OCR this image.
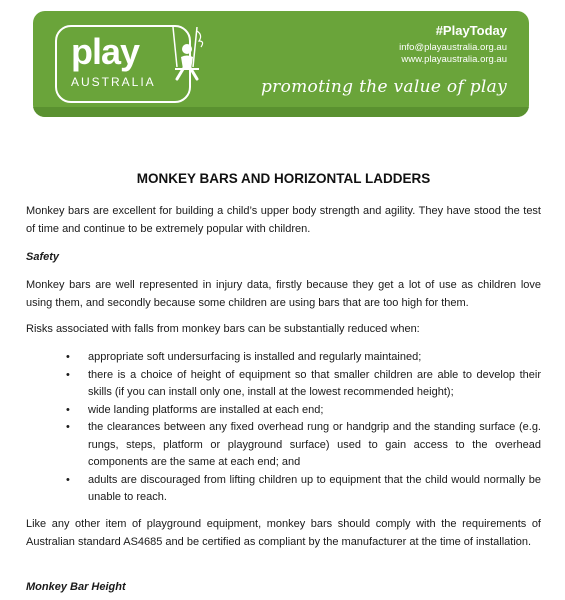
play
AUSTRALIA
#PlayToday
info@playaustralia.org.au
www.playaustralia.org.au
promoting the value of play
MONKEY BARS AND HORIZONTAL LADDERS

Monkey bars are excellent for building a child’s upper body strength and agility. They have stood the test of time and continue to be extremely popular with children.

Safety

Monkey bars are well represented in injury data, firstly because they get a lot of use as children love using them, and secondly because some children are using bars that are too high for them.

Risks associated with falls from monkey bars can be substantially reduced when:

• appropriate soft undersurfacing is installed and regularly maintained;
• there is a choice of height of equipment so that smaller children are able to develop their skills (if you can install only one, install at the lowest recommended height);
• wide landing platforms are installed at each end;
• the clearances between any fixed overhead rung or handgrip and the standing surface (e.g. rungs, steps, platform or playground surface) used to gain access to the overhead components are the same at each end; and
• adults are discouraged from lifting children up to equipment that the child would normally be unable to reach.

Like any other item of playground equipment, monkey bars should comply with the requirements of Australian standard AS4685 and be certified as compliant by the manufacturer at the time of installation.

Monkey Bar Height
